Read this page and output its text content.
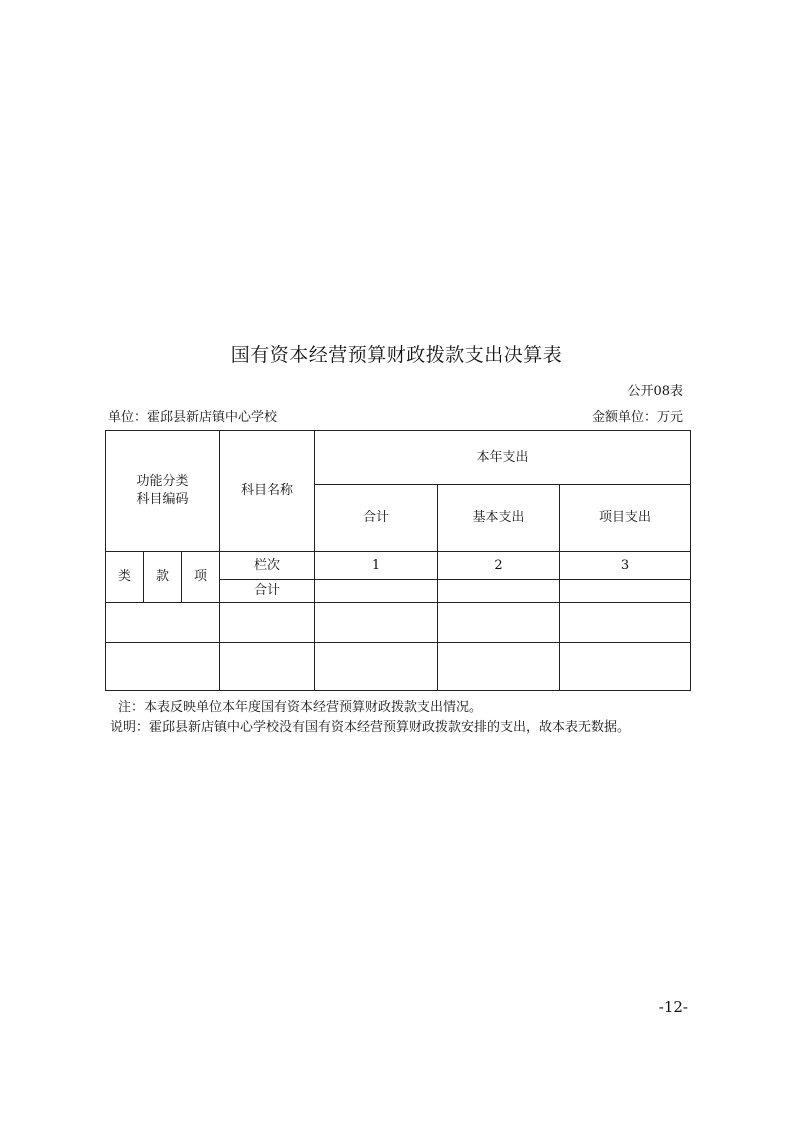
国有资本经营预算财政拨款支出决算表
公开08表
单位：霍邱县新店镇中心学校	金额单位：万元
功能分类
科目编码			科目名称	本年支出		
				合计	基本支出	项目支出
类	款	项	栏次	1	2	3
			合计			

注：本表反映单位本年度国有资本经营预算财政拨款支出情况。
说明：霍邱县新店镇中心学校没有国有资本经营预算财政拨款安排的支出，故本表无数据。
-12-
